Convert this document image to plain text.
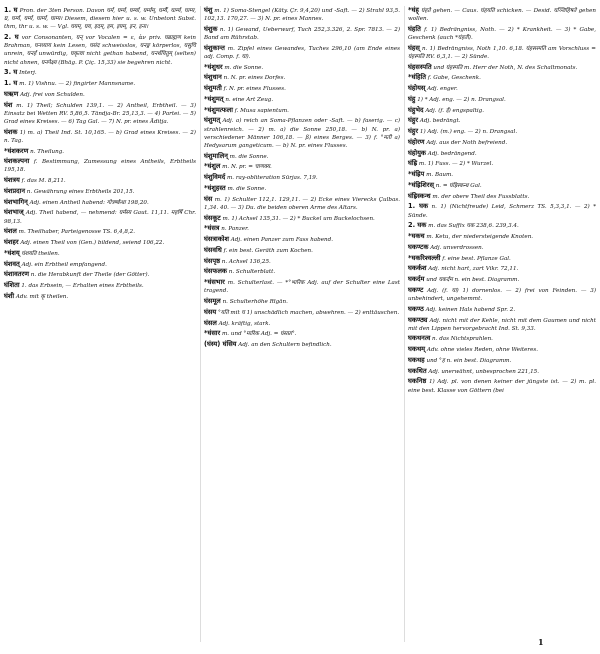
1. घ Pron. der 3ten Person. Davon घर्म, घर्म्य, घर्म्या, घर्म्यम्, घर्म्यै, घार्म्य, घाम्य, घ्र, घर्म्य, घर्म्य, घार्म्य, घाम्य। Diesem, diesem hier u. s. w. Unbetont Subst. thm, thr u. s. w. — Vgl. घयम्, घय, इदम्, इम, इयम्, इन, इना।

2. घ vor Consonanten, घन् vor Vocalen = ε, ἀν priv. घब्राह्मण kein Brahman, घनध्याय kein Lesen, घसंद schweisslos, घनङ्ग körperlos, घसुचि unrein, घनर्ह unwürdig, घकृत्वा nicht gethan habend, घनर्थयितुम् (selten) nicht ahnen, घनपेक्ष्य (Bhāg. P. Çiç. 15,33) sie begehren nicht.

3. घ Interj.

1. घ m. 1) Vishnu. — 2) fingirter Mannsname.

घऋण Adj. frei von Schulden.

घंश m. 1) Theil; Schulden 139,1. — 2) Antheil, Erbtheil. — 3) Einsatz bei Wetten RV. 5,86,5. Tāndja-Br. 25,13,3. — 4) Partei. — 5) Grad eines Kreises. — 6) Tag Gal. — 7) N. pr. eines Āditja.

घंशक 1) m. a) Theil Ind. St. 10,165. — b) Grad eines Kreises. — 2) n. Tag.

*घंशकरण n. Theilung.

घंशकल्पना f. Bestimmung, Zumessung eines Antheils, Erbtheils 195,18.

घंशत्रय f. das M. 8,211.

घंशप्रदान n. Gewährung eines Erbtheils 201,15.

घंशभागिन् Adj. einen Antheil habend: गोत्रर्ष्कथा 198,20.

घंशभाज् Adj. Theil habend, — nehmend: घर्मस्य Gaut. 11,11. महर्षि Chr. 98,13.

घंशल m. Theilhaber, Parteigenosse TS. 6,4,8,2.

घंशहर Adj. einen Theil von (Gen.) bildend, seiend 106,22.

*घंशय् घंशयति theilen.

घंशवत् Adj. ein Erbtheil empfangend.

घंशावतरण n. die Herabkunft der Theile (der Götter).

घंशिता 1. das Erbsein, — Erhalten eines Erbtheils.

घंशी Adv. mit कृ theilen.

घंशु m. 1) Soma-Stengel (Kāty. Çr. 9,4,20) und -Saft. — 2) Strahl 93,5. 102,13. 170,27. — 3) N. pr. eines Mannes.

घंशुक n. 1) Gewand, Ueberwurf, Tuch 252,3.326, 2. Spr. 7813. — 2) Band am Rührstab.

घंशुकान्त m. Zipfel eines Gewandes, Tuches 296,10 (am Ende eines adj. Comp. f. घा).

*घंशुधर m. die Sonne.

घंशुधान n. N. pr. eines Dorfes.

घंशुमती f. N. pr. eines Flusses.

*घंशुमत् n. eine Art Zeug.

*घंशुमत्फला f. Musa sapientum.

घंशुमत् Adj. a) reich an Soma-Pflanzen oder -Saft. — b) faserig. — c) strahlenreich. — 2) m. a) die Sonne 250,18. — b) N. pr. a) verschiedener Männer 106,18. — β) eines Berges. — 3) f. °मती a) Hedysarum gangeticum. — b) N. pr. eines Flusses.

घंशुमालिन् m. die Sonne.

*घंशुल m. N. pr. = चाणक्य.

घंशुविमर्द m. ray-obliteration Sūrjas. 7,19.

*घंशुहस्त m. die Sonne.

घंस m. 1) Schulter 112,1. 129,11. — 2) Ecke eines Vierecks Çulbas. 1,34. 40. — 3) Du. die beiden oberen Arme des Altars.

घंसकूट m. 1) Achsel 135,31. — 2) * Buckel um Buckelochsen.

*घंसत्र n. Panzer.

घंसत्राकोश Adj. einen Panzer zum Fass habend.

घंसवधि f. ein best. Geräth zum Kochen.

घंसपृष्ठ n. Achsel 136,25.

घंसफलक n. Schulterblatt.

*घंसभार m. Schulterlast. — *°भारिक Adj. auf der Schulter eine Last tragend.

घंसमूल n. Schulterhöhe Rīgān.

घंसय °यति mit घ 1) unschädlich machen, abwehren. — 2) enttäuschen.

घंसल Adj. kräftig, stark.

*घंसार m. und °मारिक Adj. = घंसप्रा°.

(घंस्य) घंसिय Adj. an den Schultern befindlich.

*घंह् घंहते gehen. — Caus. घंहयति schicken. — Desid. घञ्जिहिषते gehen wollen.

घंहति f. 1) Bedrängniss, Noth. — 2) * Krankheit. — 3) * Gabe, Geschenk (auch *घंहती).

घंहस् n. 1) Bedrängniss, Noth 1,10. 6,18. घंहसस्पति am Vorschluss = घंहस्पति RV. 6,3,1. — 2) Sünde.

घंहसस्पति und घंहस्पति m. Herr der Noth, N. des Schaltmonats.

*घंहिति f. Gabe, Geschenk.

घंहोयस् Adj. enger.

घंहु 1) * Adj. eng. — 2) n. Drangsal.

घंहुभेद Adj. (f. ई) engspaltig.

घंहुर Adj. bedrängt.

घंहुर 1) Adj. (m.) eng. — 2) n. Drangsal.

घंहोरण Adj. aus der Noth befreiend.

घंहोयुक Adj. bedrängend.

घंह्रि m. 1) Fuss. — 2) * Wurzel.

*घंह्रिप m. Baum.

*घंह्रिशिरस् n. = घंह्रिस्कन्ध Gal.

घंह्रिस्कन्ध m. der obere Theil des Fussblatts.

1. घक n. 1) (Nichtfreude) Leid, Schmerz TS. 5,3,3,1. — 2) * Sünde.

2. घक m. das Suffix घक 238,6. 239,3.4.

*घकच m. Ketu, der niedersteigende Knoten.

घकण्टक Adj. unverdrossen.

*घकरिश्वल्ली f. eine best. Pflanze Gal.

घकर्कश Adj. nicht hart, zart Vikr. 72,11.

घकर्दम und घकर्दम n. ein best. Diagramm.

घकण्ट Adj. (f. घा) 1) dornenlos. — 2) frei von Feinden. — 3) unbehindert, ungehemmt.

घकण्ठ Adj. keinen Hals habend Spr. 2.

घकण्ठ्य Adj. nicht mit der Kehle, nicht mit dem Gaumen und nicht mit den Lippen hervorgebracht Ind. St. 9,33.

घकथनत्व n. das Nichtsprahlen.

घकथम् Adv. ohne vieles Reden, ohne Weiteres.

घकथह und °ह n. ein best. Diagramm.

घकथित Adj. unerwähnt, unbesprochen 221,15.

घकनिष्ठ 1) Adj. pl. von denen keiner der jüngste ist. — 2) m. pl. eine best. Klasse von Göttern (bei

1
